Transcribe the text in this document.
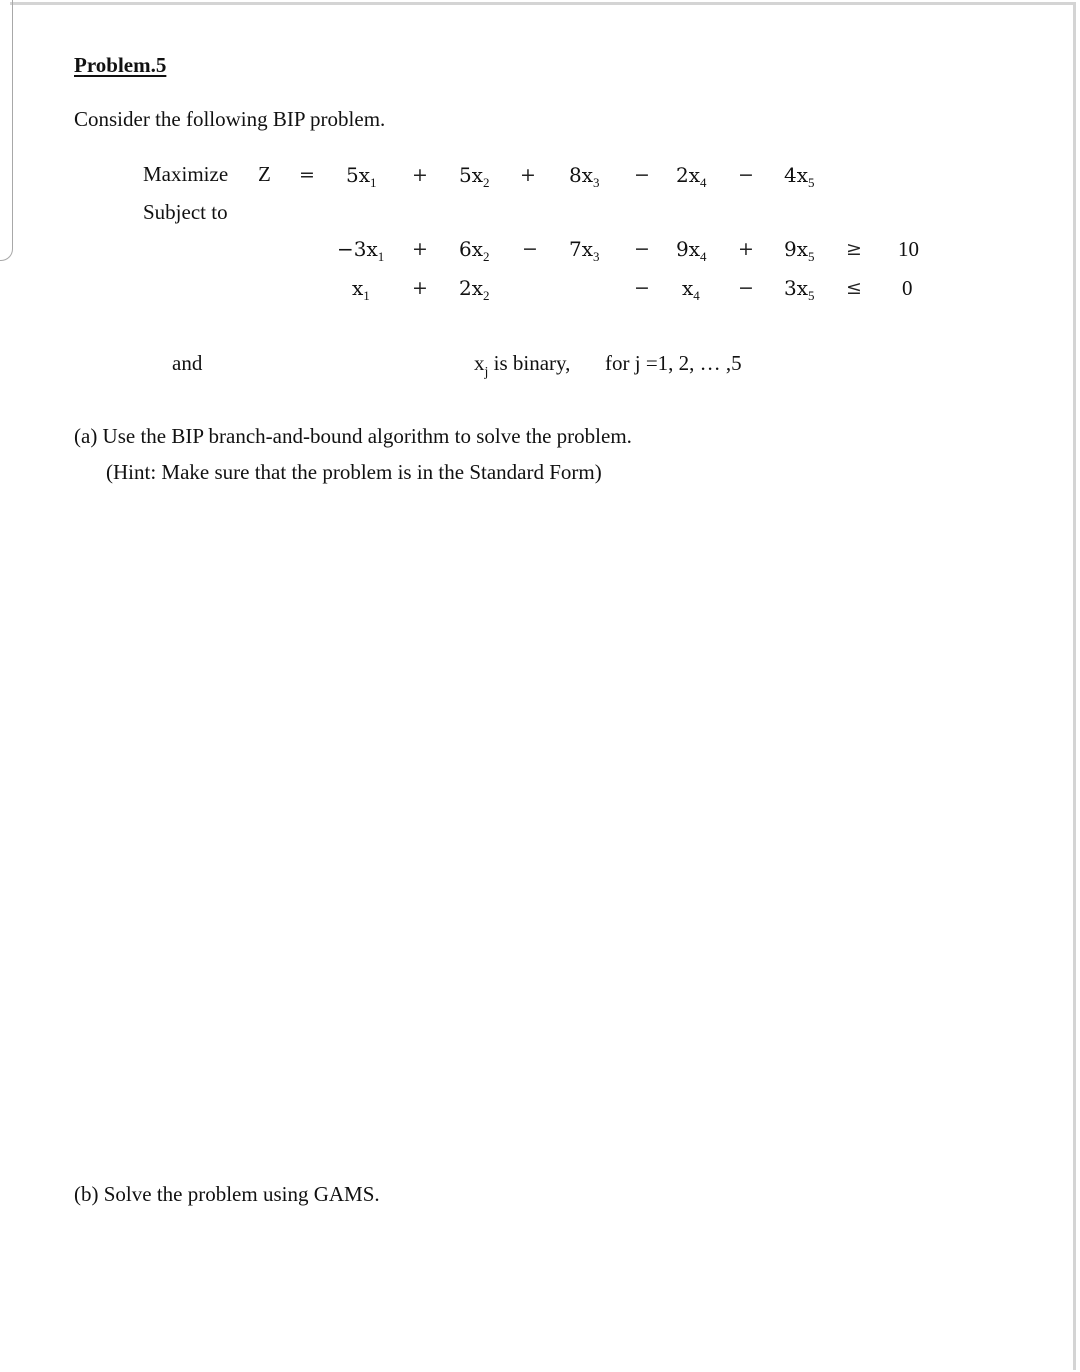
Problem.5
Consider the following BIP problem.
Maximize $Z = 5x_1 + 5x_2 + 8x_3 - 2x_4 - 4x_5$
Subject to
$-3x_1 + 6x_2 - 7x_3 - 9x_4 + 9x_5 \ge 10$
$x_1 + 2x_2$	− $x_4 - 3x_5 \le 0$
and	$x_j$ is binary, for j =1, 2, … ,5
(a) Use the BIP branch-and-bound algorithm to solve the problem.
(Hint: Make sure that the problem is in the Standard Form)
(b) Solve the problem using GAMS.
